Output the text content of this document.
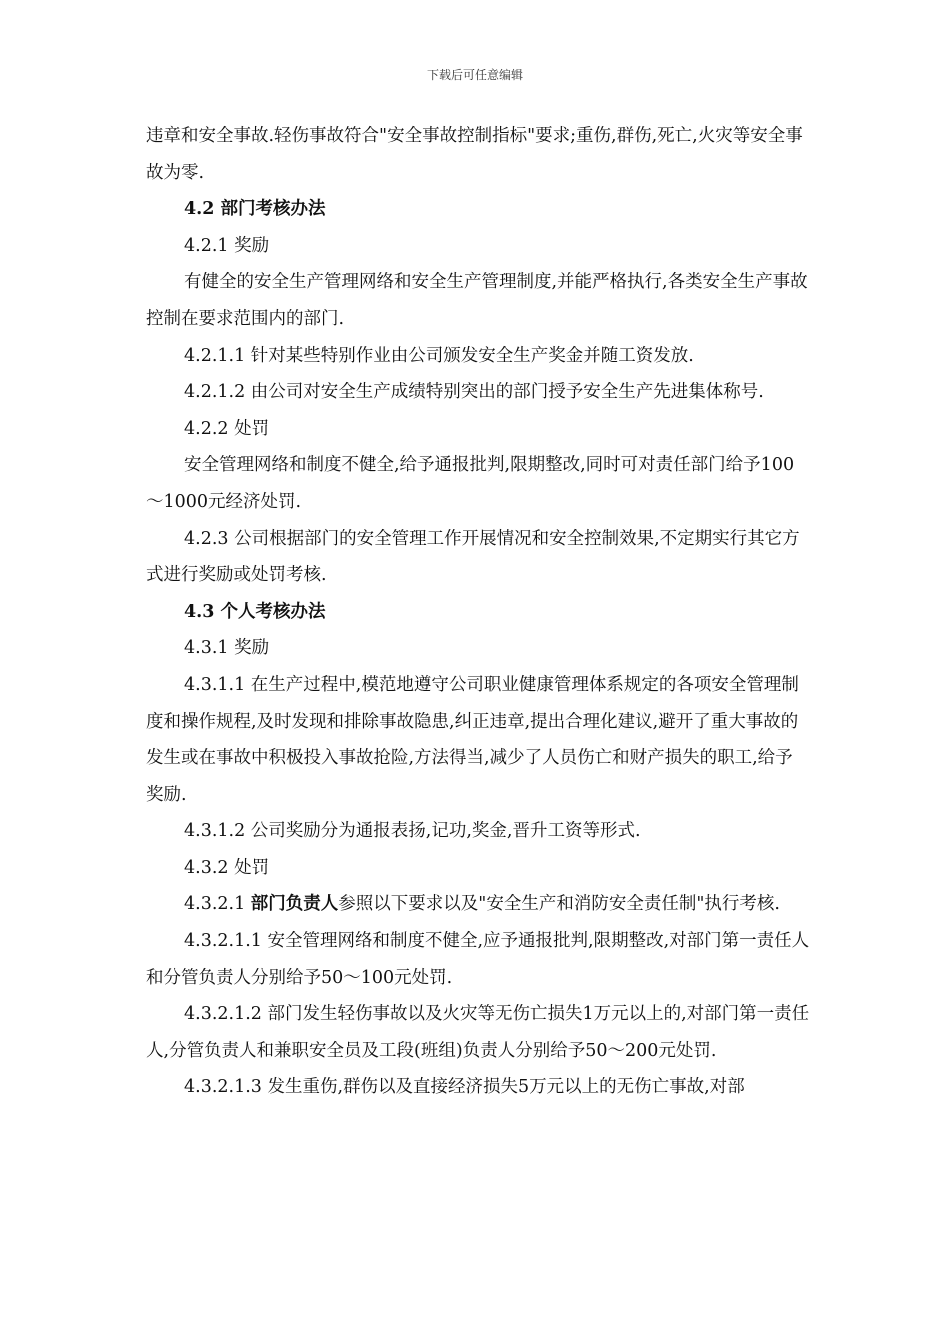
下载后可任意编辑

违章和安全事故.轻伤事故符合"安全事故控制指标"要求;重伤,群伤,死亡,火灾等安全事故为零.

4.2 部门考核办法

4.2.1 奖励

有健全的安全生产管理网络和安全生产管理制度,并能严格执行,各类安全生产事故控制在要求范围内的部门.

4.2.1.1 针对某些特别作业由公司颁发安全生产奖金并随工资发放.

4.2.1.2 由公司对安全生产成绩特别突出的部门授予安全生产先进集体称号.

4.2.2 处罚

安全管理网络和制度不健全,给予通报批判,限期整改,同时可对责任部门给予100～1000元经济处罚.

4.2.3 公司根据部门的安全管理工作开展情况和安全控制效果,不定期实行其它方式进行奖励或处罚考核.

4.3 个人考核办法

4.3.1 奖励

4.3.1.1 在生产过程中,模范地遵守公司职业健康管理体系规定的各项安全管理制度和操作规程,及时发现和排除事故隐患,纠正违章,提出合理化建议,避开了重大事故的发生或在事故中积极投入事故抢险,方法得当,减少了人员伤亡和财产损失的职工,给予奖励.

4.3.1.2 公司奖励分为通报表扬,记功,奖金,晋升工资等形式.

4.3.2 处罚

4.3.2.1 部门负责人参照以下要求以及"安全生产和消防安全责任制"执行考核.

4.3.2.1.1 安全管理网络和制度不健全,应予通报批判,限期整改,对部门第一责任人和分管负责人分别给予50～100元处罚.

4.3.2.1.2 部门发生轻伤事故以及火灾等无伤亡损失1万元以上的,对部门第一责任人,分管负责人和兼职安全员及工段(班组)负责人分别给予50～200元处罚.

4.3.2.1.3 发生重伤,群伤以及直接经济损失5万元以上的无伤亡事故,对部
